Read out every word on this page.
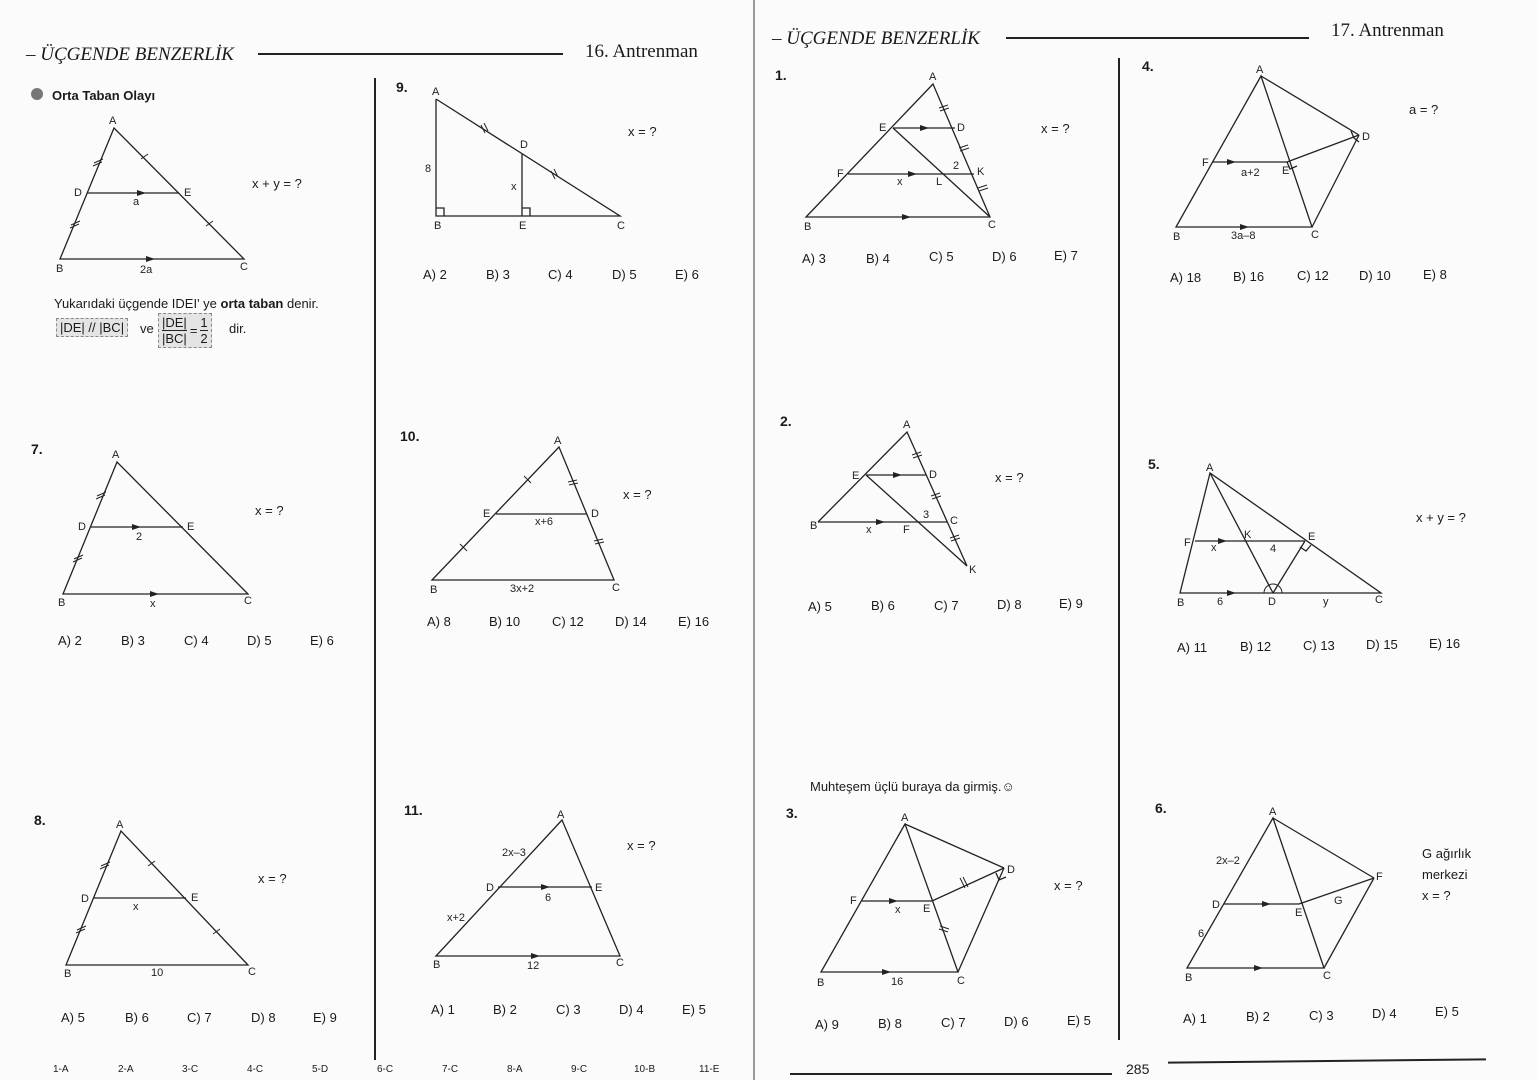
– ÜÇGENDE BENZERLİK	16. Antrenman
Orta Taban Olayı
A
B	C
D	E
a
2a
x + y = ?
Yukarıdaki üçgende IDEI' ye orta taban denir.
|DE| // |BC|	ve $\frac{|DE|}{|BC|} = \frac{1}{2}$ dir.
7.	A
B	C
D	E
2
x
x = ?
A) 2	B) 3	C) 4	D) 5	E) 6
8.	A
B	C
D	E
x
10
x = ?
A) 5	B) 6	C) 7	D) 8	E) 9
9. A
B	C
D
E
8
x
x = ?
A) 2	B) 3	C) 4	D) 5	E) 6
10.	A
B	C
D
E
x+6
3x+2
x = ?
A) 8	B) 10 C) 12 D) 14 E) 16
11.	A
B	C
D	E
2x–3
x+2
6
12
x = ?
A) 1	B) 2	C) 3	D) 4	E) 5
1-A	2-A	3-C	4-C	5-D	6-C	7-C	8-A	9-C	10-B	11-E
– ÜÇGENDE BENZERLİK	17. Antrenman
1.	A
B	C
D
E
F	K
L
x
2
x = ?
A) 3	B) 4	C) 5	D) 6	E) 7
2.	A
B	C
D
E
F
K
x
3
x = ?
A) 5	B) 6	C) 7	D) 8	E) 9
Muhteşem üçlü buraya da girmiş.☺
3.	A
B	C
D
E
F
x
16
x = ?
A) 9	B) 8	C) 7	D) 6	E) 5
4.	A
B	C
D
E
F
a+2
3a–8
a = ?
A) 18 B) 16	C) 12 D) 10 E) 8
5.	A
B	C
D
E
F
K
x	4
6	y
x + y = ?
A) 11	B) 12 C) 13 D) 15 E) 16
6.	A
B	C
D
E
F
G
2x–2
6
G ağırlık
merkezi
x = ?
A) 1	B) 2	C) 3	D) 4	E) 5
285
